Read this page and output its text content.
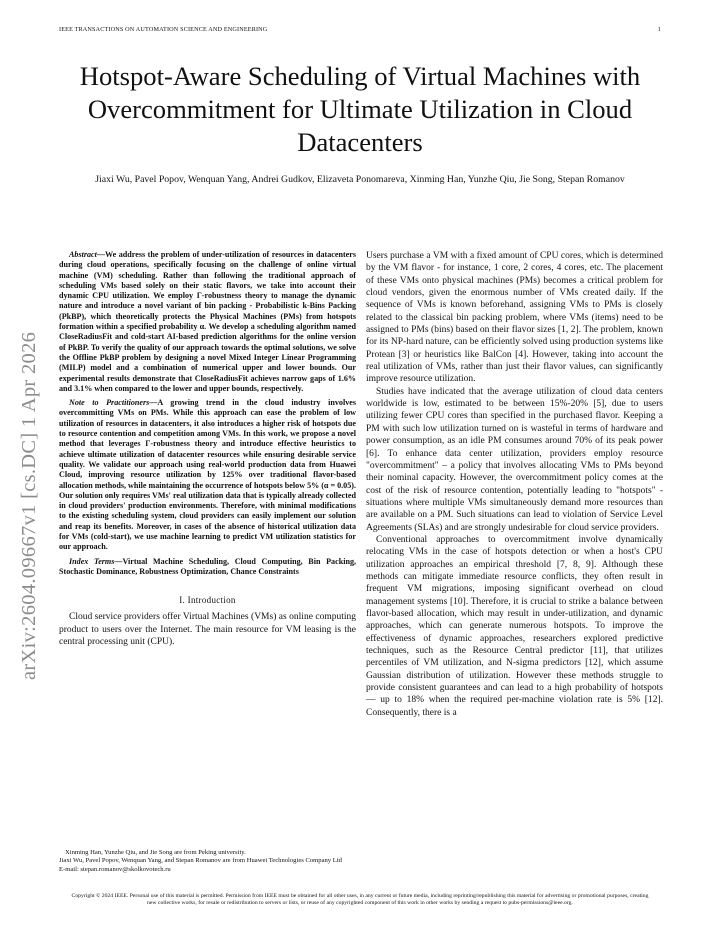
IEEE TRANSACTIONS ON AUTOMATION SCIENCE AND ENGINEERING	1
Hotspot-Aware Scheduling of Virtual Machines with Overcommitment for Ultimate Utilization in Cloud Datacenters
Jiaxi Wu, Pavel Popov, Wenquan Yang, Andrei Gudkov, Elizaveta Ponomareva, Xinming Han, Yunzhe Qiu, Jie Song, Stepan Romanov
arXiv:2604.09667v1 [cs.DC] 1 Apr 2026

Abstract—We address the problem of under-utilization of resources in datacenters during cloud operations, specifically focusing on the challenge of online virtual machine (VM) scheduling. Rather than following the traditional approach of scheduling VMs based solely on their static flavors, we take into account their dynamic CPU utilization. We employ Γ-robustness theory to manage the dynamic nature and introduce a novel variant of bin packing - Probabilistic k-Bins Packing (PkBP), which theoretically protects the Physical Machines (PMs) from hotspots formation within a specified probability α. We develop a scheduling algorithm named CloseRadiusFit and cold-start AI-based prediction algorithms for the online version of PkBP. To verify the quality of our approach towards the optimal solutions, we solve the Offline PkBP problem by designing a novel Mixed Integer Linear Programming (MILP) model and a combination of numerical upper and lower bounds. Our experimental results demonstrate that CloseRadiusFit achieves narrow gaps of 1.6% and 3.1% when compared to the lower and upper bounds, respectively.

Note to Practitioners—A growing trend in the cloud industry involves overcommitting VMs on PMs. While this approach can ease the problem of low utilization of resources in datacenters, it also introduces a higher risk of hotspots due to resource contention and competition among VMs. In this work, we propose a novel method that leverages Γ-robustness theory and introduce effective heuristics to achieve ultimate utilization of datacenter resources while ensuring desirable service quality. We validate our approach using real-world production data from Huawei Cloud, improving resource utilization by 125% over traditional flavor-based allocation methods, while maintaining the occurrence of hotspots below 5% (α = 0.05). Our solution only requires VMs' real utilization data that is typically already collected in cloud providers' production environments. Therefore, with minimal modifications to the existing scheduling system, cloud providers can easily implement our solution and reap its benefits. Moreover, in cases of the absence of historical utilization data for VMs (cold-start), we use machine learning to predict VM utilization statistics for our approach.

Index Terms—Virtual Machine Scheduling, Cloud Computing, Bin Packing, Stochastic Dominance, Robustness Optimization, Chance Constraints

I. Introduction

Cloud service providers offer Virtual Machines (VMs) as online computing product to users over the Internet. The main resource for VM leasing is the central processing unit (CPU).

Xinming Han, Yunzhe Qiu, and Jie Song are from Peking university.
Jiaxi Wu, Pavel Popov, Wenquan Yang, and Stepan Romanov are from Huawei Technologies Company Ltd
E-mail: stepan.romanov@skolkovotech.ru

Users purchase a VM with a fixed amount of CPU cores, which is determined by the VM flavor - for instance, 1 core, 2 cores, 4 cores, etc. The placement of these VMs onto physical machines (PMs) becomes a critical problem for cloud vendors, given the enormous number of VMs created daily. If the sequence of VMs is known beforehand, assigning VMs to PMs is closely related to the classical bin packing problem, where VMs (items) need to be assigned to PMs (bins) based on their flavor sizes [1, 2]. The problem, known for its NP-hard nature, can be efficiently solved using production systems like Protean [3] or heuristics like BalCon [4]. However, taking into account the real utilization of VMs, rather than just their flavor values, can significantly improve resource utilization.

Studies have indicated that the average utilization of cloud data centers worldwide is low, estimated to be between 15%-20% [5], due to users utilizing fewer CPU cores than specified in the purchased flavor. Keeping a PM with such low utilization turned on is wasteful in terms of hardware and power consumption, as an idle PM consumes around 70% of its peak power [6]. To enhance data center utilization, providers employ resource "overcommitment" – a policy that involves allocating VMs to PMs beyond their nominal capacity. However, the overcommitment policy comes at the cost of the risk of resource contention, potentially leading to "hotspots" - situations where multiple VMs simultaneously demand more resources than are available on a PM. Such situations can lead to violation of Service Level Agreements (SLAs) and are strongly undesirable for cloud service providers.

Conventional approaches to overcommitment involve dynamically relocating VMs in the case of hotspots detection or when a host's CPU utilization approaches an empirical threshold [7, 8, 9]. Although these methods can mitigate immediate resource conflicts, they often result in frequent VM migrations, imposing significant overhead on cloud management systems [10]. Therefore, it is crucial to strike a balance between flavor-based allocation, which may result in under-utilization, and dynamic approaches, which can generate numerous hotspots. To improve the effectiveness of dynamic approaches, researchers explored predictive techniques, such as the Resource Central predictor [11], that utilizes percentiles of VM utilization, and N-sigma predictors [12], which assume Gaussian distribution of utilization. However these methods struggle to provide consistent guarantees and can lead to a high probability of hotspots — up to 18% when the required per-machine violation rate is 5% [12]. Consequently, there is a

Copyright © 2024 IEEE. Personal use of this material is permitted. Permission from IEEE must be obtained for all other uses, in any current or future media, including reprinting/republishing this material for advertising or promotional purposes, creating new collective works, for resale or redistribution to servers or lists, or reuse of any copyrighted component of this work in other works by sending a request to pubs-permissions@ieee.org.
